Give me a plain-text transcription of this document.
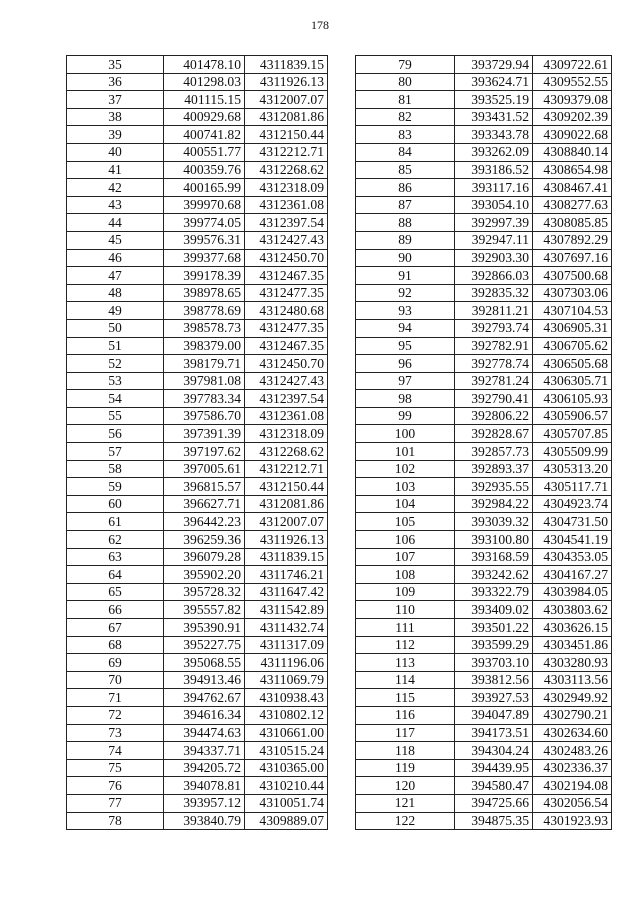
178
35	401478.10	4311839.15
36	401298.03	4311926.13
37	401115.15	4312007.07
38	400929.68	4312081.86
39	400741.82	4312150.44
40	400551.77	4312212.71
41	400359.76	4312268.62
42	400165.99	4312318.09
43	399970.68	4312361.08
44	399774.05	4312397.54
45	399576.31	4312427.43
46	399377.68	4312450.70
47	399178.39	4312467.35
48	398978.65	4312477.35
49	398778.69	4312480.68
50	398578.73	4312477.35
51	398379.00	4312467.35
52	398179.71	4312450.70
53	397981.08	4312427.43
54	397783.34	4312397.54
55	397586.70	4312361.08
56	397391.39	4312318.09
57	397197.62	4312268.62
58	397005.61	4312212.71
59	396815.57	4312150.44
60	396627.71	4312081.86
61	396442.23	4312007.07
62	396259.36	4311926.13
63	396079.28	4311839.15
64	395902.20	4311746.21
65	395728.32	4311647.42
66	395557.82	4311542.89
67	395390.91	4311432.74
68	395227.75	4311317.09
69	395068.55	4311196.06
70	394913.46	4311069.79
71	394762.67	4310938.43
72	394616.34	4310802.12
73	394474.63	4310661.00
74	394337.71	4310515.24
75	394205.72	4310365.00
76	394078.81	4310210.44
77	393957.12	4310051.74
78	393840.79	4309889.07
79	393729.94	4309722.61
80	393624.71	4309552.55
81	393525.19	4309379.08
82	393431.52	4309202.39
83	393343.78	4309022.68
84	393262.09	4308840.14
85	393186.52	4308654.98
86	393117.16	4308467.41
87	393054.10	4308277.63
88	392997.39	4308085.85
89	392947.11	4307892.29
90	392903.30	4307697.16
91	392866.03	4307500.68
92	392835.32	4307303.06
93	392811.21	4307104.53
94	392793.74	4306905.31
95	392782.91	4306705.62
96	392778.74	4306505.68
97	392781.24	4306305.71
98	392790.41	4306105.93
99	392806.22	4305906.57
100	392828.67	4305707.85
101	392857.73	4305509.99
102	392893.37	4305313.20
103	392935.55	4305117.71
104	392984.22	4304923.74
105	393039.32	4304731.50
106	393100.80	4304541.19
107	393168.59	4304353.05
108	393242.62	4304167.27
109	393322.79	4303984.05
110	393409.02	4303803.62
111	393501.22	4303626.15
112	393599.29	4303451.86
113	393703.10	4303280.93
114	393812.56	4303113.56
115	393927.53	4302949.92
116	394047.89	4302790.21
117	394173.51	4302634.60
118	394304.24	4302483.26
119	394439.95	4302336.37
120	394580.47	4302194.08
121	394725.66	4302056.54
122	394875.35	4301923.93
